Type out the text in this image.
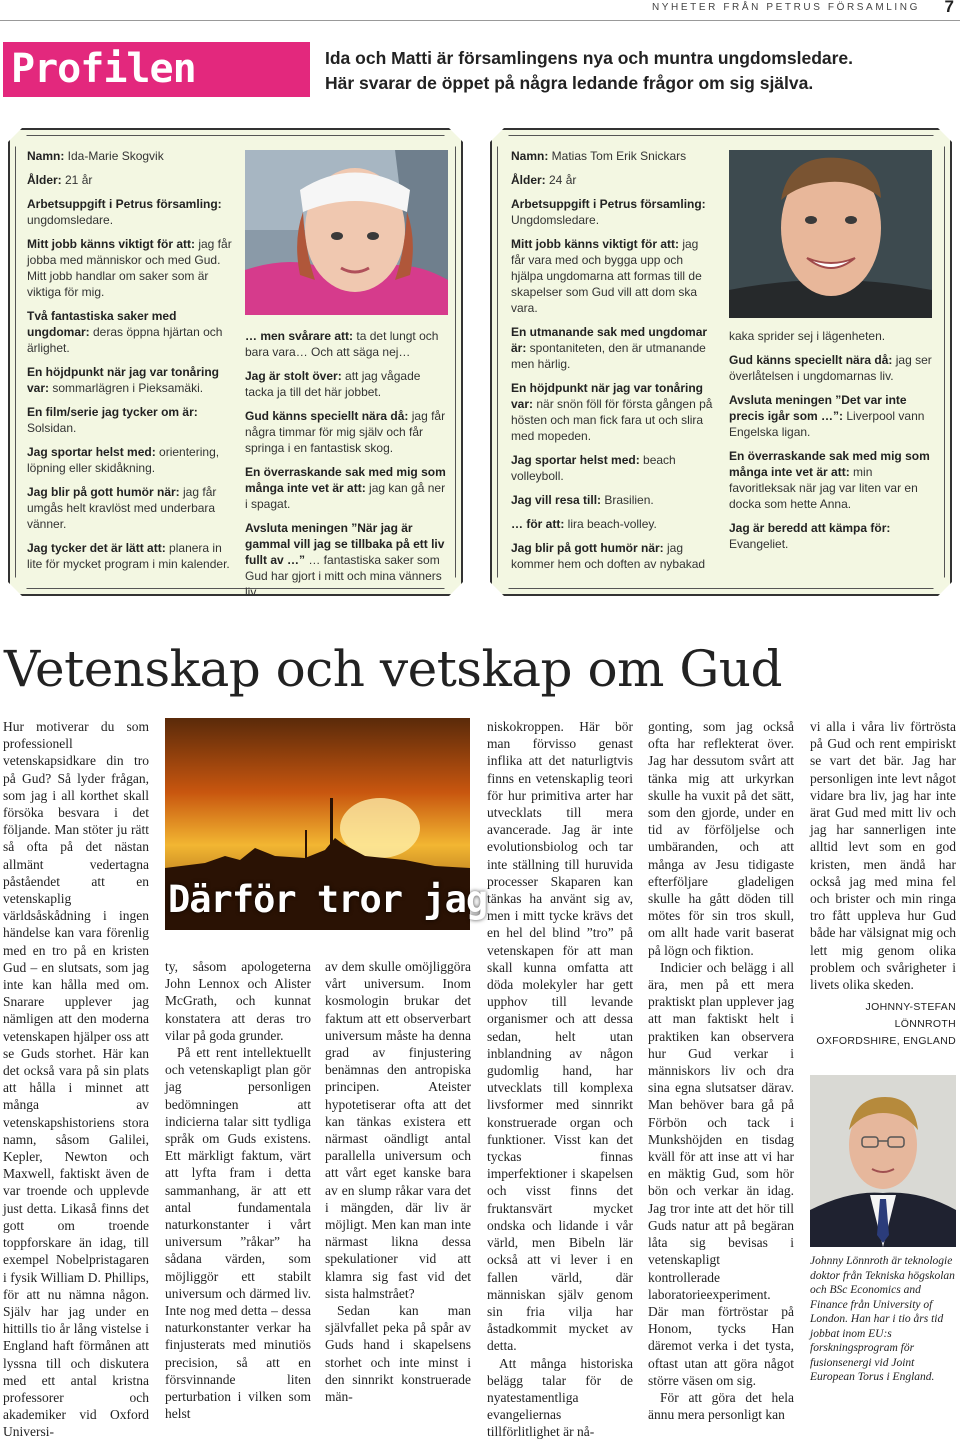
NYHETER FRÅN PETRUS FÖRSAMLING 7
Profilen	Ida och Matti är församlingens nya och muntra ungdomsledare.
Här svarar de öppet på några ledande frågor om sig själva.

Namn: Ida-Marie Skogvik

Ålder: 21 år

Arbetsuppgift i Petrus församling: ungdomsledare.

Mitt jobb känns viktigt för att: jag får jobba med människor och med Gud. Mitt jobb handlar om saker som är viktiga för mig.

Två fantastiska saker med ungdomar: deras öppna hjärtan och ärlighet.

En höjdpunkt när jag var tonåring var: sommarlägren i Pieksamäki.

En film/serie jag tycker om är: Solsidan.

Jag sportar helst med: orientering, löpning eller skidåkning.

Jag blir på gott humör när: jag får umgås helt kravlöst med underbara vänner.

Jag tycker det är lätt att: planera in lite för mycket program i min kalender.

… men svårare att: ta det lungt och bara vara… Och att säga nej…

Jag är stolt över: att jag vågade tacka ja till det här jobbet.

Gud känns speciellt nära då: jag får några timmar för mig själv och får springa i en fantastisk skog.

En överraskande sak med mig som många inte vet är att: jag kan gå ner i spagat.

Avsluta meningen ”När jag är gammal vill jag se tillbaka på ett liv fullt av …” … fantastiska saker som Gud har gjort i mitt och mina vänners liv.

Namn: Matias Tom Erik Snickars

Ålder: 24 år

Arbetsuppgift i Petrus församling: Ungdomsledare.

Mitt jobb känns viktigt för att: jag får vara med och bygga upp och hjälpa ungdomarna att formas till de skapelser som Gud vill att dom ska vara.

En utmanande sak med ungdomar är: spontaniteten, den är utmanande men härlig.

En höjdpunkt när jag var tonåring var: när snön föll för första gången på hösten och man fick fara ut och slira med mopeden.

Jag sportar helst med: beach volleyboll.

Jag vill resa till: Brasilien.

… för att: lira beach-volley.

Jag blir på gott humör när: jag kommer hem och doften av nybakad

kaka sprider sej i lägenheten.

Gud känns speciellt nära då: jag ser överlåtelsen i ungdomarnas liv.

Avsluta meningen ”Det var inte precis igår som …”: Liverpool vann Engelska ligan.

En överraskande sak med mig som många inte vet är att: min favoritleksak när jag var liten var en docka som hette Anna.

Jag är beredd att kämpa för: Evangeliet.

Vetenskap och vetskap om Gud

Hur motiverar du som professionell vetenskapsidkare din tro på Gud? Så lyder frågan, som jag i all korthet skall försöka besvara i det följande. Man stöter ju rätt så ofta på det nästan allmänt vedertagna påståendet att en vetenskaplig världsåskådning i ingen händelse kan vara förenlig med en tro på en kristen Gud – en slutsats, som jag inte kan hålla med om. Snarare upplever jag nämligen att den moderna vetenskapen hjälper oss att se Guds storhet. Här kan det också vara på sin plats att hålla i minnet att många av vetenskapshistoriens stora namn, såsom Galilei, Kepler, Newton och Maxwell, faktiskt även de var troende och upplevde just detta. Likaså finns det gott om troende toppforskare än idag, till exempel Nobelpristagaren i fysik William D. Phillips, för att nu nämna någon. Själv har jag under en hittills tio år lång vistelse i England haft förmånen att lyssna till och diskutera med ett antal kristna professorer och akademiker vid Oxford Universi-

Därför tror jag

ty, såsom apologeterna John Lennox och Alister McGrath, och kunnat konstatera att deras tro vilar på goda grunder.

På ett rent intellektuellt och vetenskapligt plan gör jag personligen bedömningen att indicierna talar sitt tydliga språk om Guds existens. Ett märkligt faktum, värt att lyfta fram i detta sammanhang, är att ett antal fundamentala naturkonstanter i vårt universum ”råkar” ha sådana värden, som möjliggör ett stabilt universum och därmed liv. Inte nog med detta – dessa naturkonstanter verkar ha finjusterats med minutiös precision, så att en försvinnande liten perturbation i vilken som helst

av dem skulle omöjliggöra vårt universum. Inom kosmologin brukar det faktum att ett observerbart universum måste ha denna grad av finjustering benämnas den antropiska principen. Ateister hypotetiserar ofta att det kan tänkas existera ett närmast oändligt antal parallella universum och att vårt eget kanske bara av en slump råkar vara det i mängden, där liv är möjligt. Men kan man inte närmast likna dessa spekulationer vid att klamra sig fast vid det sista halmstrået?

Sedan kan man självfallet peka på spår av Guds hand i skapelsens storhet och inte minst i den sinnrikt konstruerade män-

niskokroppen. Här bör man förvisso genast inflika att det naturligtvis finns en vetenskaplig teori för hur primitiva arter har utvecklats till mera avancerade. Jag är inte evolutionsbiolog och tar inte ställning till huruvida processer Skaparen kan tänkas ha använt sig av, men i mitt tycke krävs det en hel del blind ”tro” på vetenskapen för att man skall kunna omfatta att döda molekyler har gett upphov till levande organismer och att dessa sedan, helt utan inblandning av någon gudomlig hand, har utvecklats till komplexa livsformer med sinnrikt konstruerade organ och funktioner. Visst kan det tyckas finnas imperfektioner i skapelsen och visst finns det fruktansvärt mycket ondska och lidande i vår värld, men Bibeln lär också att vi lever i en fallen värld, där människan själv genom sin fria vilja har åstadkommit mycket av detta.

Att många historiska belägg talar för de nyatestamentliga evangeliernas tillförlitlighet är nå-

gonting, som jag också ofta har reflekterat över. Jag har dessutom svårt att tänka mig att urkyrkan skulle ha vuxit på det sätt, som den gjorde, under en tid av förföljelse och umbäranden, och att många av Jesu tidigaste efterföljare gladeligen skulle ha gått döden till mötes för sin tros skull, om allt hade varit baserat på lögn och fiktion.

Indicier och belägg i all ära, men på ett mera praktiskt plan upplever jag att man faktiskt helt i praktiken kan observera hur Gud verkar i människors liv och dra sina egna slutsatser därav. Man behöver bara gå på Förbön och tack i Munkshöjden en tisdag kväll för att inse att vi har en mäktig Gud, som hör bön och verkar än idag. Jag tror inte att det hör till Guds natur att på begäran låta sig bevisas i vetenskapligt kontrollerade laboratorieexperiment. Där man förtröstar på Honom, tycks Han däremot verka i det tysta, oftast utan att göra något större väsen om sig.

För att göra det hela ännu mera personligt kan

vi alla i våra liv förtrösta på Gud och rent empiriskt se vart det bär. Jag har personligen inte levt något vidare bra liv, jag har inte ärat Gud med mitt liv och jag har sannerligen inte alltid levt som en god kristen, men ändå har också jag med mina fel och brister och min ringa tro fått uppleva hur Gud både har välsignat mig och lett mig genom olika problem och svårigheter i livets olika skeden.

JOHNNY-STEFAN LÖNNROTH
OXFORDSHIRE, ENGLAND
Johnny Lönnroth är teknologie doktor från Tekniska högskolan och BSc Economics and Finance från University of London. Han har i tio års tid jobbat inom EU:s forskningsprogram för fusionsenergi vid Joint European Torus i England.
